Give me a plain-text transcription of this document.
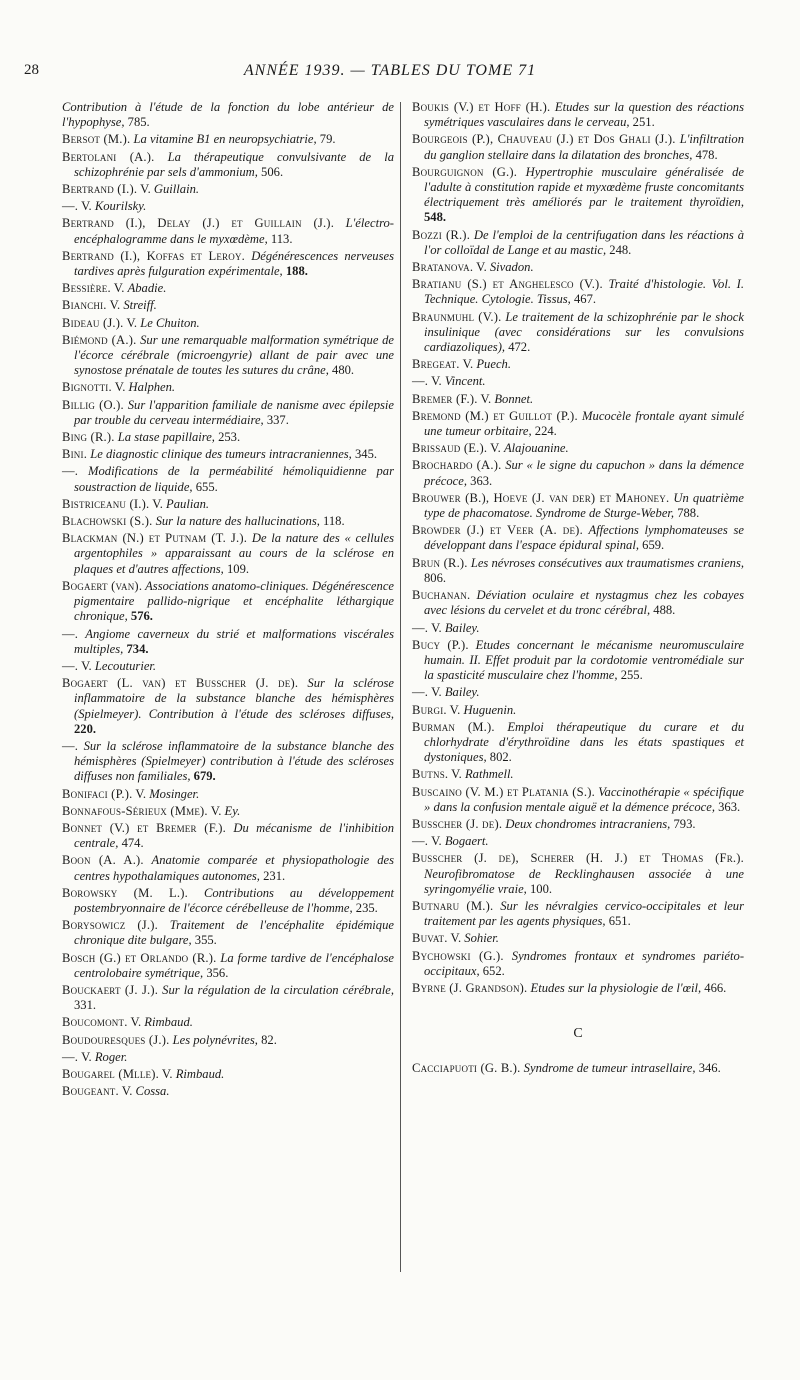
28	ANNÉE 1939. — TABLES DU TOME 71
Contribution à l'étude de la fonction du lobe antérieur de l'hypophyse, 785.
Bersot (M.). La vitamine B1 en neuropsychiatrie, 79.
Bertolani (A.). La thérapeutique convulsivante de la schizophrénie par sels d'ammonium, 506.
Bertrand (I.). V. Guillain.
—. V. Kourilsky.
Bertrand (I.), Delay (J.) et Guillain (J.). L'électro-encéphalogramme dans le myxœdème, 113.
Bertrand (I.), Koffas et Leroy. Dégénérescences nerveuses tardives après fulguration expérimentale, 188.
Bessière. V. Abadie.
Bianchi. V. Streiff.
Bideau (J.). V. Le Chuiton.
Biémond (A.). Sur une remarquable malformation symétrique de l'écorce cérébrale (microengyrie) allant de pair avec une synostose prénatale de toutes les sutures du crâne, 480.
Bignotti. V. Halphen.
Billig (O.). Sur l'apparition familiale de nanisme avec épilepsie par trouble du cerveau intermédiaire, 337.
Bing (R.). La stase papillaire, 253.
Bini. Le diagnostic clinique des tumeurs intracraniennes, 345.
—. Modifications de la perméabilité hémoliquidienne par soustraction de liquide, 655.
Bistriceanu (I.). V. Paulian.
Blachowski (S.). Sur la nature des hallucinations, 118.
Blackman (N.) et Putnam (T. J.). De la nature des « cellules argentophiles » apparaissant au cours de la sclérose en plaques et d'autres affections, 109.
Bogaert (van). Associations anatomo-cliniques. Dégénérescence pigmentaire pallido-nigrique et encéphalite léthargique chronique, 576.
—. Angiome caverneux du strié et malformations viscérales multiples, 734.
—. V. Lecouturier.
Bogaert (L. van) et Busscher (J. de). Sur la sclérose inflammatoire de la substance blanche des hémisphères (Spielmeyer). Contribution à l'étude des scléroses diffuses, 220.
—. Sur la sclérose inflammatoire de la substance blanche des hémisphères (Spielmeyer) contribution à l'étude des scléroses diffuses non familiales, 679.
Bonifaci (P.). V. Mosinger.
Bonnafous-Sérieux (Mme). V. Ey.
Bonnet (V.) et Bremer (F.). Du mécanisme de l'inhibition centrale, 474.
Boon (A. A.). Anatomie comparée et physiopathologie des centres hypothalamiques autonomes, 231.
Borowsky (M. L.). Contributions au développement postembryonnaire de l'écorce cérébelleuse de l'homme, 235.
Borysowicz (J.). Traitement de l'encéphalite épidémique chronique dite bulgare, 355.
Bosch (G.) et Orlando (R.). La forme tardive de l'encéphalose centrolobaire symétrique, 356.
Bouckaert (J. J.). Sur la régulation de la circulation cérébrale, 331.
Boucomont. V. Rimbaud.
Boudouresques (J.). Les polynévrites, 82.
—. V. Roger.
Bougarel (Mlle). V. Rimbaud.
Bougeant. V. Cossa.
Boukis (V.) et Hoff (H.). Etudes sur la question des réactions symétriques vasculaires dans le cerveau, 251.
Bourgeois (P.), Chauveau (J.) et Dos Ghali (J.). L'infiltration du ganglion stellaire dans la dilatation des bronches, 478.
Bourguignon (G.). Hypertrophie musculaire généralisée de l'adulte à constitution rapide et myxœdème fruste concomitants électriquement très améliorés par le traitement thyroïdien, 548.
Bozzi (R.). De l'emploi de la centrifugation dans les réactions à l'or colloïdal de Lange et au mastic, 248.
Bratanova. V. Sivadon.
Bratianu (S.) et Anghelesco (V.). Traité d'histologie. Vol. I. Technique. Cytologie. Tissus, 467.
Braunmuhl (V.). Le traitement de la schizophrénie par le shock insulinique (avec considérations sur les convulsions cardiazoliques), 472.
Bregeat. V. Puech.
—. V. Vincent.
Bremer (F.). V. Bonnet.
Bremond (M.) et Guillot (P.). Mucocèle frontale ayant simulé une tumeur orbitaire, 224.
Brissaud (E.). V. Alajouanine.
Brochardo (A.). Sur « le signe du capuchon » dans la démence précoce, 363.
Brouwer (B.), Hoeve (J. van der) et Mahoney. Un quatrième type de phacomatose. Syndrome de Sturge-Weber, 788.
Browder (J.) et Veer (A. de). Affections lymphomateuses se développant dans l'espace épidural spinal, 659.
Brun (R.). Les névroses consécutives aux traumatismes craniens, 806.
Buchanan. Déviation oculaire et nystagmus chez les cobayes avec lésions du cervelet et du tronc cérébral, 488.
—. V. Bailey.
Bucy (P.). Etudes concernant le mécanisme neuromusculaire humain. II. Effet produit par la cordotomie ventromédiale sur la spasticité musculaire chez l'homme, 255.
—. V. Bailey.
Burgi. V. Huguenin.
Burman (M.). Emploi thérapeutique du curare et du chlorhydrate d'érythroïdine dans les états spastiques et dystoniques, 802.
Butns. V. Rathmell.
Buscaino (V. M.) et Platania (S.). Vaccinothérapie « spécifique » dans la confusion mentale aiguë et la démence précoce, 363.
Busscher (J. de). Deux chondromes intracraniens, 793.
—. V. Bogaert.
Busscher (J. de), Scherer (H. J.) et Thomas (Fr.). Neurofibromatose de Recklinghausen associée à une syringomyélie vraie, 100.
Butnaru (M.). Sur les névralgies cervico-occipitales et leur traitement par les agents physiques, 651.
Buvat. V. Sohier.
Bychowski (G.). Syndromes frontaux et syndromes pariéto-occipitaux, 652.
Byrne (J. Grandson). Etudes sur la physiologie de l'œil, 466.
C
Cacciapuoti (G. B.). Syndrome de tumeur intrasellaire, 346.
